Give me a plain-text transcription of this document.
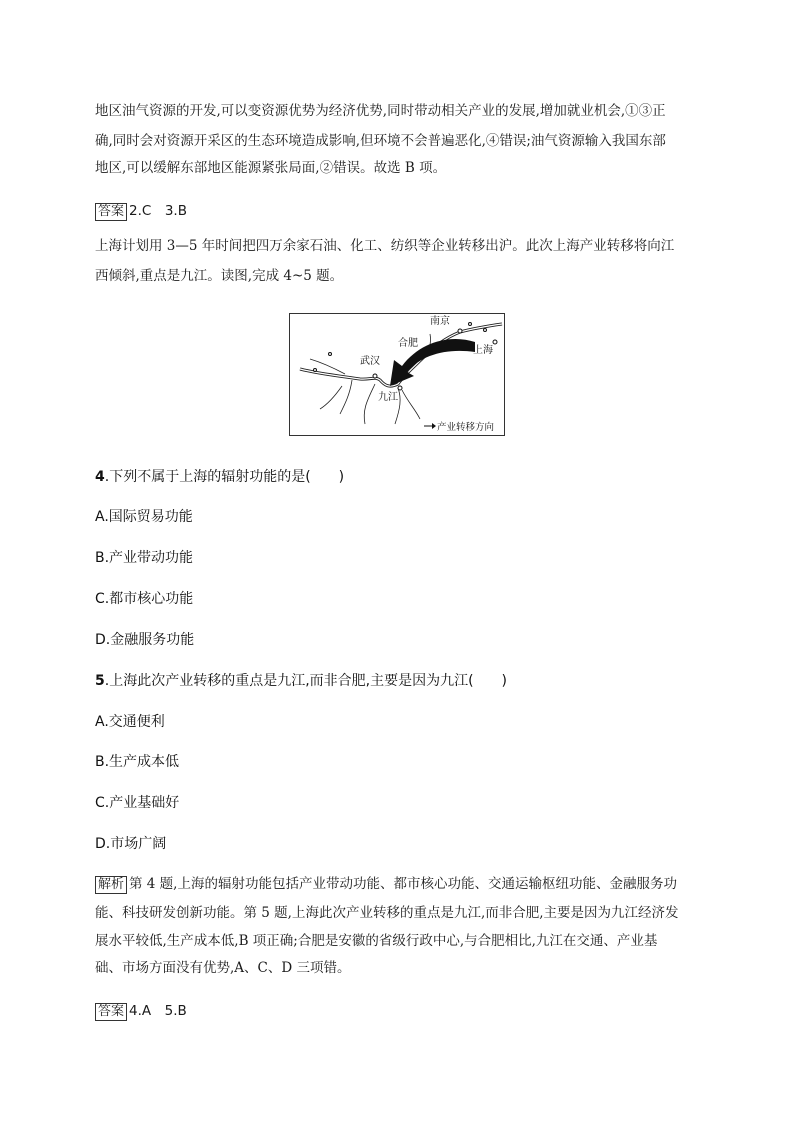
地区油气资源的开发,可以变资源优势为经济优势,同时带动相关产业的发展,增加就业机会,①③正
确,同时会对资源开采区的生态环境造成影响,但环境不会普遍恶化,④错误;油气资源输入我国东部
地区,可以缓解东部地区能源紧张局面,②错误。故选 B 项。
答案 2.C　3.B
上海计划用 3—5 年时间把四万余家石油、化工、纺织等企业转移出沪。此次上海产业转移将向江
西倾斜,重点是九江。读图,完成 4~5 题。
南京
合肥
上海
武汉
九江
产业转移方向
4.下列不属于上海的辐射功能的是(　　)
A.国际贸易功能
B.产业带动功能
C.都市核心功能
D.金融服务功能
5.上海此次产业转移的重点是九江,而非合肥,主要是因为九江(　　)
A.交通便利
B.生产成本低
C.产业基础好
D.市场广阔
解析 第 4 题,上海的辐射功能包括产业带动功能、都市核心功能、交通运输枢纽功能、金融服务功
能、科技研发创新功能。第 5 题,上海此次产业转移的重点是九江,而非合肥,主要是因为九江经济发
展水平较低,生产成本低,B 项正确;合肥是安徽的省级行政中心,与合肥相比,九江在交通、产业基
础、市场方面没有优势,A、C、D 三项错。
答案 4.A　5.B
